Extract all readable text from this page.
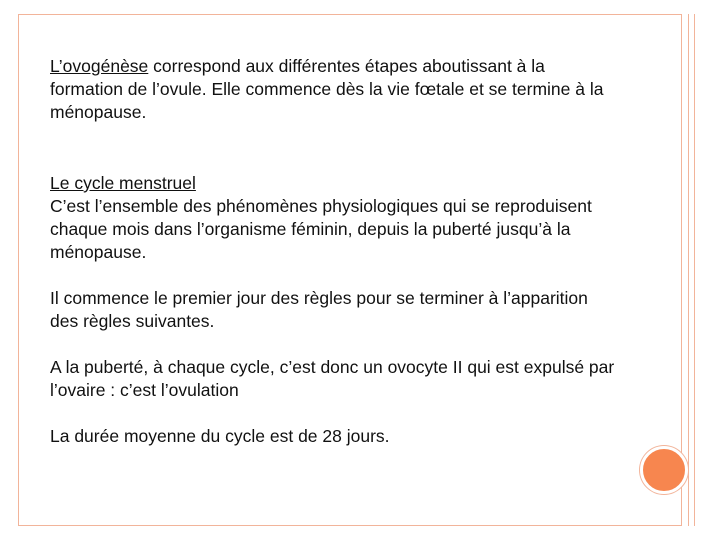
L’ovogénèse correspond aux différentes étapes aboutissant à la formation de l’ovule. Elle commence dès la vie fœtale et se termine à la ménopause.

Le cycle menstruel

C’est l’ensemble des phénomènes physiologiques qui se reproduisent chaque mois dans l’organisme féminin, depuis la puberté jusqu’à la ménopause.

Il commence le premier jour des règles pour se terminer à l’apparition des règles suivantes.

A la puberté, à chaque cycle, c’est donc un ovocyte II qui est expulsé par l’ovaire : c’est l’ovulation

La durée moyenne du cycle est de 28 jours.
